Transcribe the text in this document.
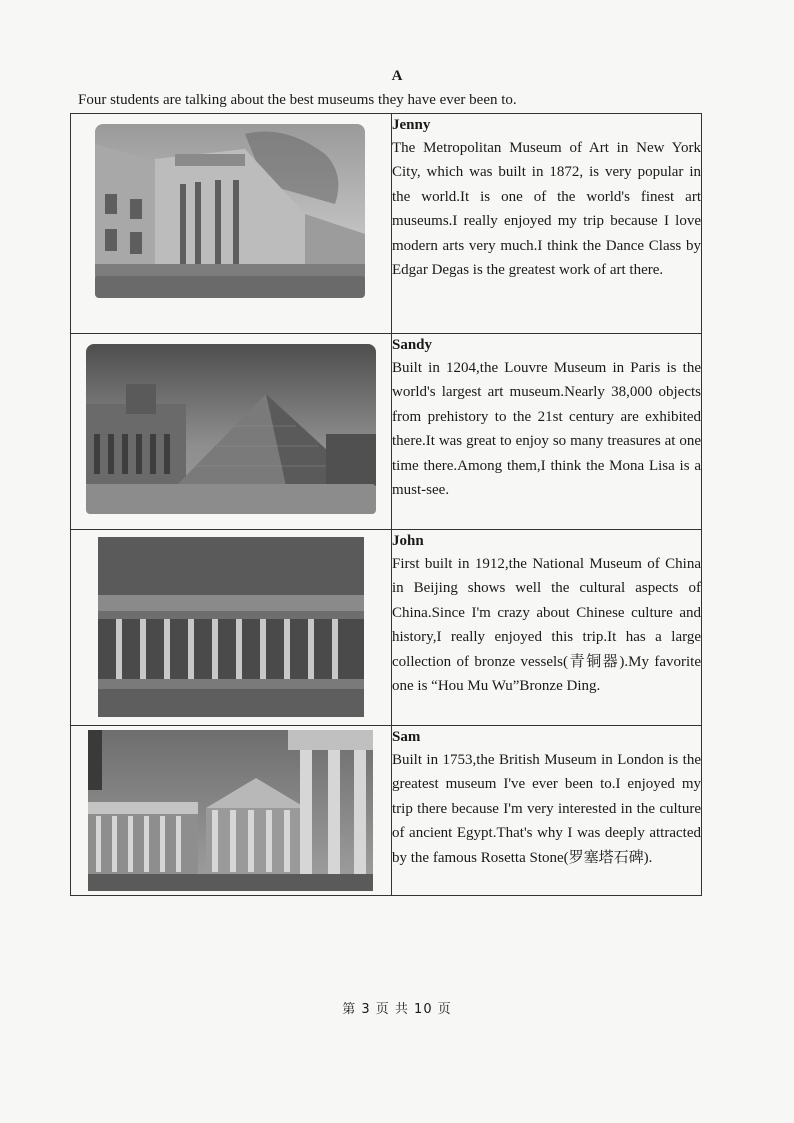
A
Four students are talking about the best museums they have ever been to.

Jenny
The Metropolitan Museum of Art in New York City, which was built in 1872, is very popular in the world.It is one of the world's finest art museums.I really enjoyed my trip because I love modern arts very much.I think the Dance Class by Edgar Degas is the greatest work of art there.

Sandy
Built in 1204,the Louvre Museum in Paris is the world's largest art museum.Nearly 38,000 objects from prehistory to the 21st century are exhibited there.It was great to enjoy so many treasures at one time there.Among them,I think the Mona Lisa is a must-see.

John
First built in 1912,the National Museum of China in Beijing shows well the cultural aspects of China.Since I'm crazy about Chinese culture and history,I really enjoyed this trip.It has a large collection of bronze vessels(青铜器).My favorite one is “Hou Mu Wu”Bronze Ding.

Sam
Built in 1753,the British Museum in London is the greatest museum I've ever been to.I enjoyed my trip there because I'm very interested in the culture of ancient Egypt.That's why I was deeply attracted by the famous Rosetta Stone(罗塞塔石碑).
第 3 页 共 10 页
